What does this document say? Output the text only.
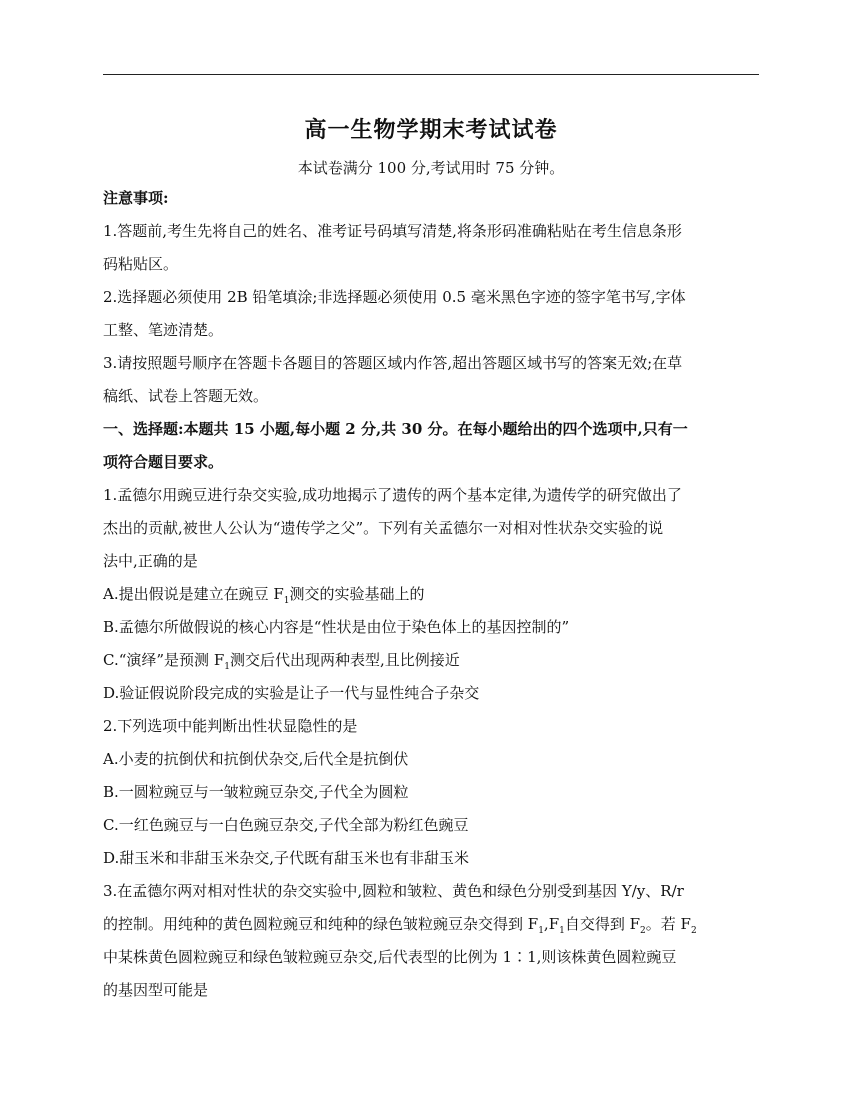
高一生物学期末考试试卷

本试卷满分 100 分,考试用时 75 分钟。

注意事项:

1.答题前,考生先将自己的姓名、准考证号码填写清楚,将条形码准确粘贴在考生信息条形

码粘贴区。

2.选择题必须使用 2B 铅笔填涂;非选择题必须使用 0.5 毫米黑色字迹的签字笔书写,字体

工整、笔迹清楚。

3.请按照题号顺序在答题卡各题目的答题区域内作答,超出答题区域书写的答案无效;在草

稿纸、试卷上答题无效。

一、选择题:本题共 15 小题,每小题 2 分,共 30 分。在每小题给出的四个选项中,只有一

项符合题目要求。

1.孟德尔用豌豆进行杂交实验,成功地揭示了遗传的两个基本定律,为遗传学的研究做出了

杰出的贡献,被世人公认为“遗传学之父”。下列有关孟德尔一对相对性状杂交实验的说

法中,正确的是

A.提出假说是建立在豌豆 $F_1$测交的实验基础上的

B.孟德尔所做假说的核心内容是“性状是由位于染色体上的基因控制的”

C.“演绎”是预测 $F_1$测交后代出现两种表型,且比例接近

D.验证假说阶段完成的实验是让子一代与显性纯合子杂交

2.下列选项中能判断出性状显隐性的是

A.小麦的抗倒伏和抗倒伏杂交,后代全是抗倒伏

B.一圆粒豌豆与一皱粒豌豆杂交,子代全为圆粒

C.一红色豌豆与一白色豌豆杂交,子代全部为粉红色豌豆

D.甜玉米和非甜玉米杂交,子代既有甜玉米也有非甜玉米

3.在孟德尔两对相对性状的杂交实验中,圆粒和皱粒、黄色和绿色分别受到基因 Y/y、R/r

的控制。用纯种的黄色圆粒豌豆和纯种的绿色皱粒豌豆杂交得到 $F_1,F_1$自交得到 $F_2$。若 $F_2$

中某株黄色圆粒豌豆和绿色皱粒豌豆杂交,后代表型的比例为 1∶1,则该株黄色圆粒豌豆

的基因型可能是
